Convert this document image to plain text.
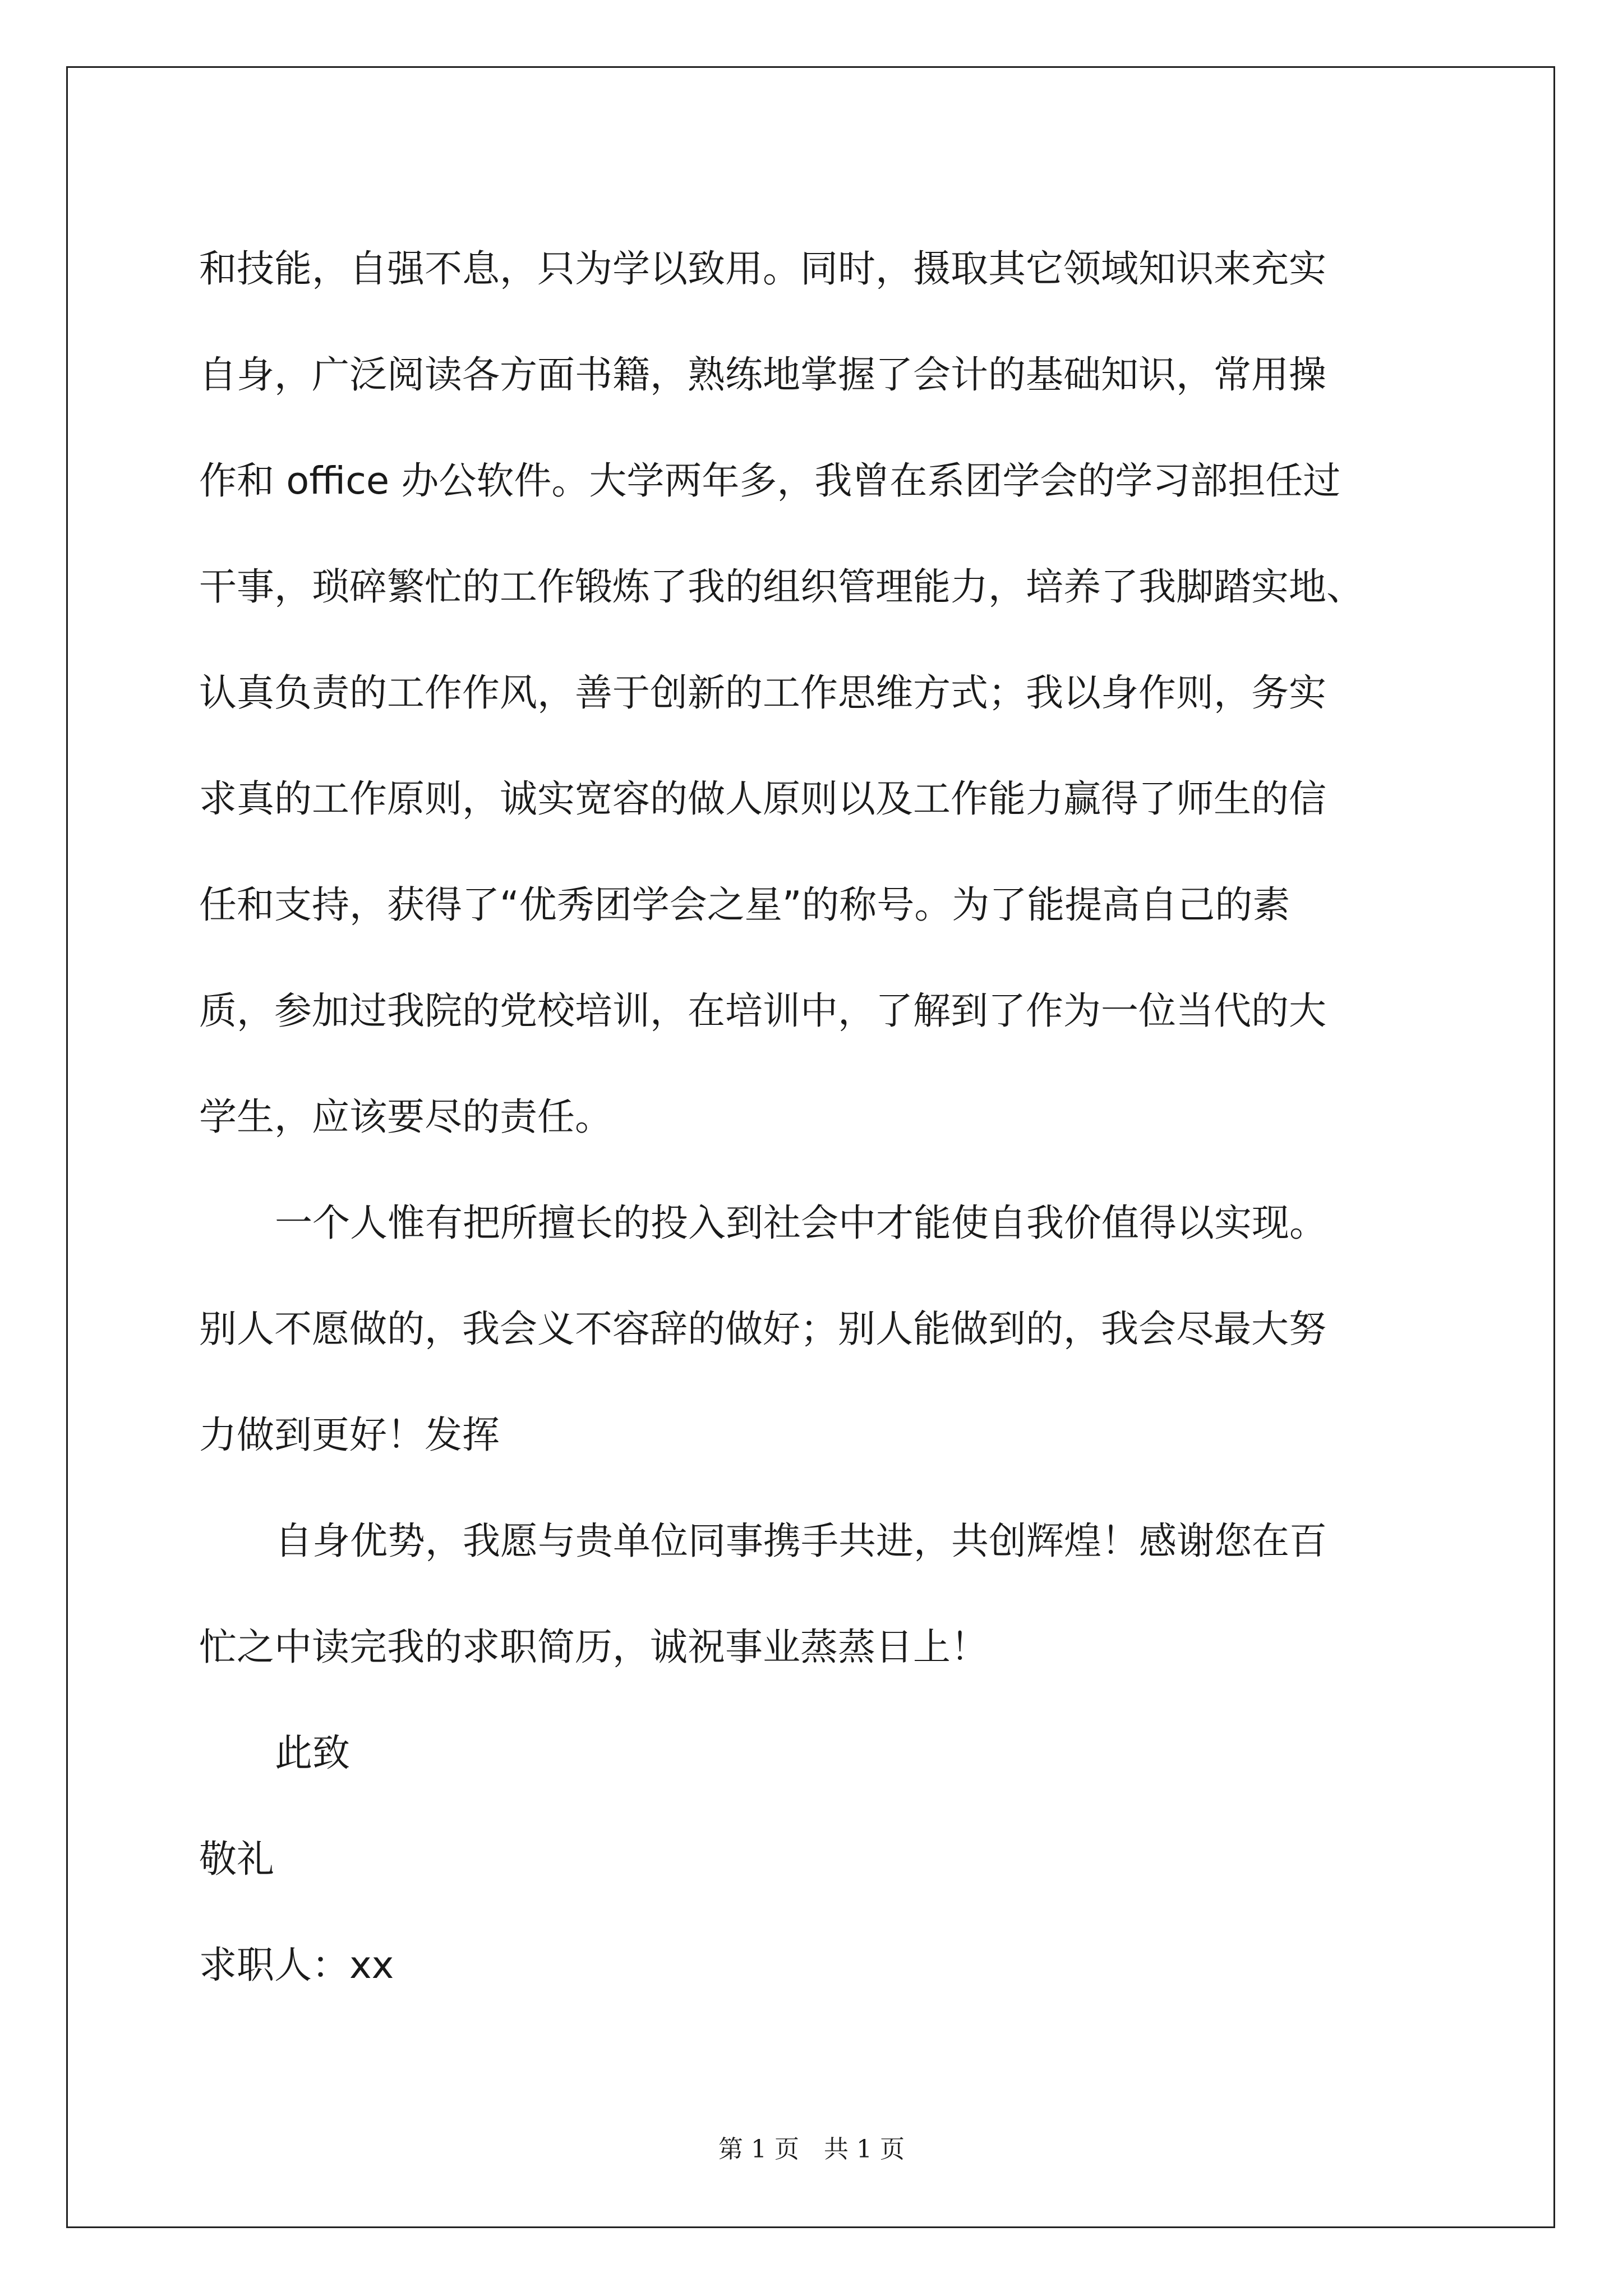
和技能，自强不息，只为学以致用。同时，摄取其它领域知识来充实

自身，广泛阅读各方面书籍，熟练地掌握了会计的基础知识，常用操

作和 office 办公软件。大学两年多，我曾在系团学会的学习部担任过

干事，琐碎繁忙的工作锻炼了我的组织管理能力，培养了我脚踏实地、

认真负责的工作作风，善于创新的工作思维方式；我以身作则，务实

求真的工作原则，诚实宽容的做人原则以及工作能力赢得了师生的信

任和支持，获得了“优秀团学会之星”的称号。为了能提高自己的素

质，参加过我院的党校培训，在培训中，了解到了作为一位当代的大

学生，应该要尽的责任。

一个人惟有把所擅长的投入到社会中才能使自我价值得以实现。

别人不愿做的，我会义不容辞的做好；别人能做到的，我会尽最大努

力做到更好！发挥

自身优势，我愿与贵单位同事携手共进，共创辉煌！感谢您在百

忙之中读完我的求职简历，诚祝事业蒸蒸日上！

此致

敬礼

求职人：xx

第 1 页　共 1 页
